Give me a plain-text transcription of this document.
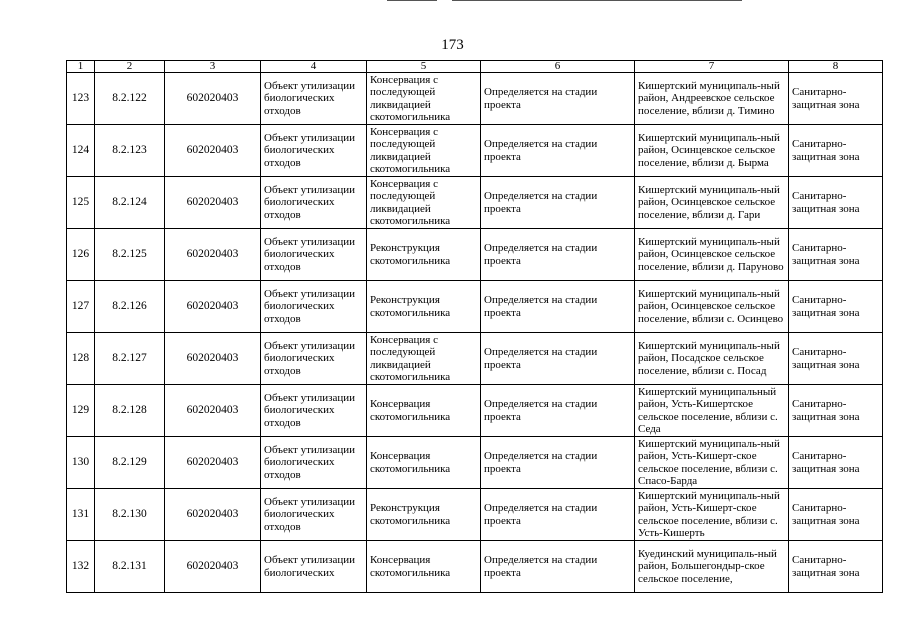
173
1	2	3	4	5	6	7	8
123	8.2.122	602020403	Объект утилизации биологических отходов	Консервация с последующей ликвидацией скотомогильника	Определяется на стадии проекта	Кишертский муниципаль-ный район, Андреевское сельское поселение, вблизи д. Тимино	Санитарно-защитная зона
124	8.2.123	602020403	Объект утилизации биологических отходов	Консервация с последующей ликвидацией скотомогильника	Определяется на стадии проекта	Кишертский муниципаль-ный район, Осинцевское сельское поселение, вблизи д. Бырма	Санитарно-защитная зона
125	8.2.124	602020403	Объект утилизации биологических отходов	Консервация с последующей ликвидацией скотомогильника	Определяется на стадии проекта	Кишертский муниципаль-ный район, Осинцевское сельское поселение, вблизи д. Гари	Санитарно-защитная зона
126	8.2.125	602020403	Объект утилизации биологических отходов	Реконструкция скотомогильника	Определяется на стадии проекта	Кишертский муниципаль-ный район, Осинцевское сельское поселение, вблизи д. Паруново	Санитарно-защитная зона
127	8.2.126	602020403	Объект утилизации биологических отходов	Реконструкция скотомогильника	Определяется на стадии проекта	Кишертский муниципаль-ный район, Осинцевское сельское поселение, вблизи с. Осинцево	Санитарно-защитная зона
128	8.2.127	602020403	Объект утилизации биологических отходов	Консервация с последующей ликвидацией скотомогильника	Определяется на стадии проекта	Кишертский муниципаль-ный район, Посадское сельское поселение, вблизи с. Посад	Санитарно-защитная зона
129	8.2.128	602020403	Объект утилизации биологических отходов	Консервация скотомогильника	Определяется на стадии проекта	Кишертский муниципальный район, Усть-Кишертское сельское поселение, вблизи с. Седа	Санитарно-защитная зона
130	8.2.129	602020403	Объект утилизации биологических отходов	Консервация скотомогильника	Определяется на стадии проекта	Кишертский муниципаль-ный район, Усть-Кишерт-ское сельское поселение, вблизи с. Спасо-Барда	Санитарно-защитная зона
131	8.2.130	602020403	Объект утилизации биологических отходов	Реконструкция скотомогильника	Определяется на стадии проекта	Кишертский муниципаль-ный район, Усть-Кишерт-ское сельское поселение, вблизи с. Усть-Кишерть	Санитарно-защитная зона
132	8.2.131	602020403	Объект утилизации биологических	Консервация скотомогильника	Определяется на стадии проекта	Куединский муниципаль-ный район, Большегондыр-ское сельское поселение,	Санитарно-защитная зона
